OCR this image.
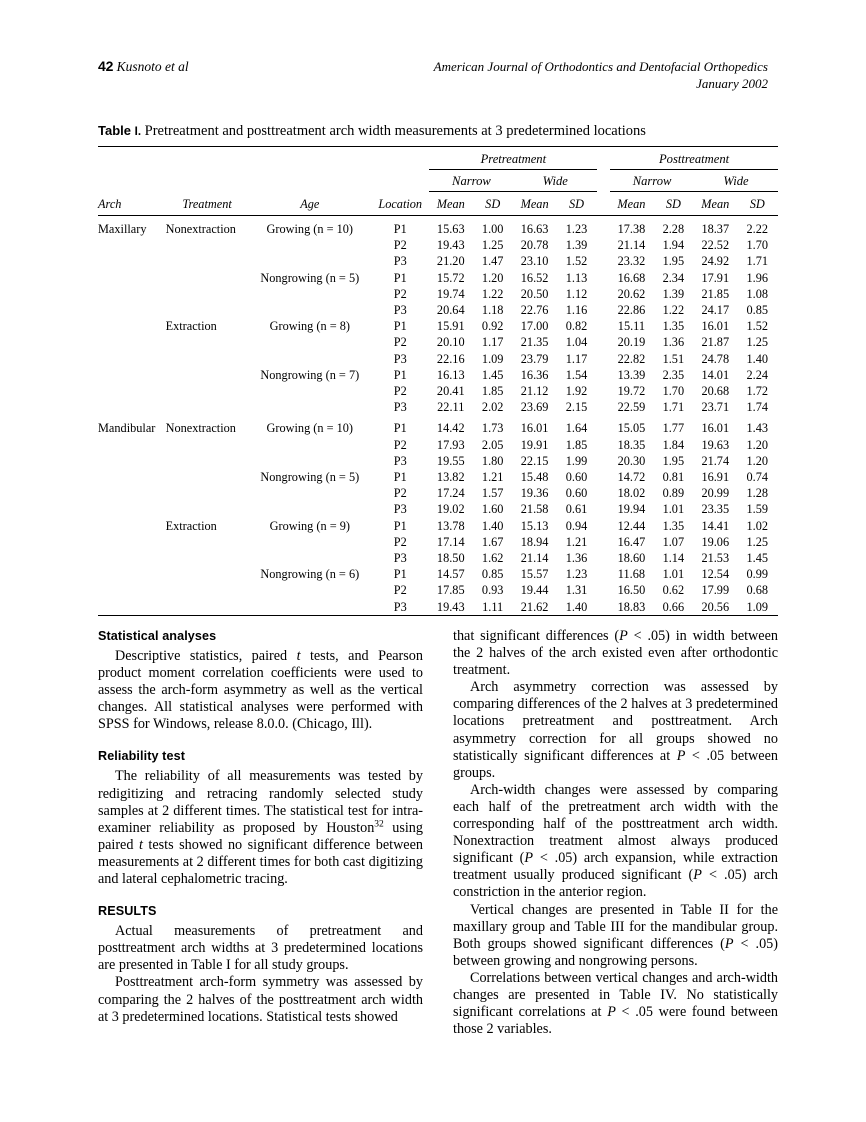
42 Kusnoto et al	American Journal of Orthodontics and Dentofacial Orthopedics
January 2002
Table I. Pretreatment and posttreatment arch width measurements at 3 predetermined locations
				Pretreatment					Posttreatment			
				Narrow		Wide			Narrow		Wide	
Arch	Treatment	Age	Location	Mean	SD	Mean	SD		Mean	SD	Mean	SD
Maxillary	Nonextraction	Growing (n = 10)	P1	15.63	1.00	16.63	1.23		17.38	2.28	18.37	2.22
			P2	19.43	1.25	20.78	1.39		21.14	1.94	22.52	1.70
			P3	21.20	1.47	23.10	1.52		23.32	1.95	24.92	1.71
		Nongrowing (n = 5)	P1	15.72	1.20	16.52	1.13		16.68	2.34	17.91	1.96
			P2	19.74	1.22	20.50	1.12		20.62	1.39	21.85	1.08
			P3	20.64	1.18	22.76	1.16		22.86	1.22	24.17	0.85
	Extraction	Growing (n = 8)	P1	15.91	0.92	17.00	0.82		15.11	1.35	16.01	1.52
			P2	20.10	1.17	21.35	1.04		20.19	1.36	21.87	1.25
			P3	22.16	1.09	23.79	1.17		22.82	1.51	24.78	1.40
		Nongrowing (n = 7)	P1	16.13	1.45	16.36	1.54		13.39	2.35	14.01	2.24
			P2	20.41	1.85	21.12	1.92		19.72	1.70	20.68	1.72
			P3	22.11	2.02	23.69	2.15		22.59	1.71	23.71	1.74
Mandibular	Nonextraction	Growing (n = 10)	P1	14.42	1.73	16.01	1.64		15.05	1.77	16.01	1.43
			P2	17.93	2.05	19.91	1.85		18.35	1.84	19.63	1.20
			P3	19.55	1.80	22.15	1.99		20.30	1.95	21.74	1.20
		Nongrowing (n = 5)	P1	13.82	1.21	15.48	0.60		14.72	0.81	16.91	0.74
			P2	17.24	1.57	19.36	0.60		18.02	0.89	20.99	1.28
			P3	19.02	1.60	21.58	0.61		19.94	1.01	23.35	1.59
	Extraction	Growing (n = 9)	P1	13.78	1.40	15.13	0.94		12.44	1.35	14.41	1.02
			P2	17.14	1.67	18.94	1.21		16.47	1.07	19.06	1.25
			P3	18.50	1.62	21.14	1.36		18.60	1.14	21.53	1.45
		Nongrowing (n = 6)	P1	14.57	0.85	15.57	1.23		11.68	1.01	12.54	0.99
			P2	17.85	0.93	19.44	1.31		16.50	0.62	17.99	0.68
			P3	19.43	1.11	21.62	1.40		18.83	0.66	20.56	1.09

Statistical analyses

Descriptive statistics, paired t tests, and Pearson product moment correlation coefficients were used to assess the arch-form asymmetry as well as the vertical changes. All statistical analyses were performed with SPSS for Windows, release 8.0.0. (Chicago, Ill).

Reliability test

The reliability of all measurements was tested by redigitizing and retracing randomly selected study samples at 2 different times. The statistical test for intra-examiner reliability as proposed by Houston$^{32}$ using paired t tests showed no significant difference between measurements at 2 different times for both cast digitizing and lateral cephalometric tracing.

RESULTS

Actual measurements of pretreatment and posttreatment arch widths at 3 predetermined locations are presented in Table I for all study groups.

Posttreatment arch-form symmetry was assessed by comparing the 2 halves of the posttreatment arch width at 3 predetermined locations. Statistical tests showed

that significant differences (P < .05) in width between the 2 halves of the arch existed even after orthodontic treatment.

Arch asymmetry correction was assessed by comparing differences of the 2 halves at 3 predetermined locations pretreatment and posttreatment. Arch asymmetry correction for all groups showed no statistically significant differences at P < .05 between groups.

Arch-width changes were assessed by comparing each half of the pretreatment arch width with the corresponding half of the posttreatment arch width. Nonextraction treatment almost always produced significant (P < .05) arch expansion, while extraction treatment usually produced significant (P < .05) arch constriction in the anterior region.

Vertical changes are presented in Table II for the maxillary group and Table III for the mandibular group. Both groups showed significant differences (P < .05) between growing and nongrowing persons.

Correlations between vertical changes and arch-width changes are presented in Table IV. No statistically significant correlations at P < .05 were found between those 2 variables.
